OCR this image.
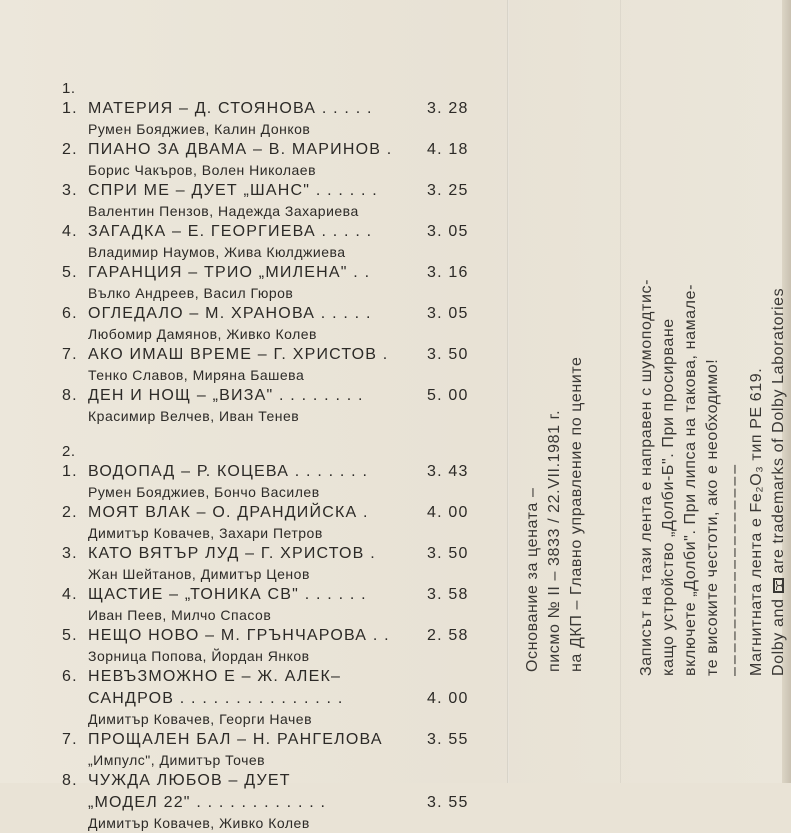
1.
1. МАТЕРИЯ – Д. СТОЯНОВА . . . . .	3. 28
Румен Бояджиев, Калин Донков
2. ПИАНО ЗА ДВАМА – В. МАРИНОВ . 4. 18
Борис Чакъров, Волен Николаев
3. СПРИ МЕ – ДУЕТ „ШАНС" . . . . . .	3. 25
Валентин Пензов, Надежда Захариева
4. ЗАГАДКА – Е. ГЕОРГИЕВА . . . . .	3. 05
Владимир Наумов, Жива Кюлджиева
5. ГАРАНЦИЯ – ТРИО „МИЛЕНА" . .	3. 16
Вълко Андреев, Васил Гюров
6. ОГЛЕДАЛО – М. ХРАНОВА . . . . .	3. 05
Любомир Дамянов, Живко Колев
7. АКО ИМАШ ВРЕМЕ – Г. ХРИСТОВ . 3. 50
Тенко Славов, Миряна Башева
8. ДЕН И НОЩ – „ВИЗА" . . . . . . . .	5. 00
Красимир Велчев, Иван Тенев
2.
1. ВОДОПАД – Р. КОЦЕВА . . . . . . .	3. 43
Румен Бояджиев, Бончо Василев
2. МОЯТ ВЛАК – О. ДРАНДИЙСКА .	4. 00
Димитър Ковачев, Захари Петров
3. КАТО ВЯТЪР ЛУД – Г. ХРИСТОВ .	3. 50
Жан Шейтанов, Димитър Ценов
4. ЩАСТИЕ – „ТОНИКА СВ" . . . . . .	3. 58
Иван Пеев, Милчо Спасов
5. НЕЩО НОВО – М. ГРЪНЧАРОВА . . 2. 58
Зорница Попова, Йордан Янков
6. НЕВЪЗМОЖНО Е – Ж. АЛЕК–
САНДРОВ . . . . . . . . . . . . . . .	4. 00
Димитър Ковачев, Георги Начев
7. ПРОЩАЛЕН БАЛ – Н. РАНГЕЛОВА	3. 55
„Импулс", Димитър Точев
8. ЧУЖДА ЛЮБОВ – ДУЕТ
„МОДЕЛ 22" . . . . . . . . . . . .	3. 55
Димитър Ковачев, Живко Колев
Основание за цената – писмо № II – 3833 / 22.VII.1981 г. на ДКП – Главно управление по цените	Записът на тази лента е направен с шумоподтис- кащо устройство „Долби-Б". При просирване включете „Долби". При липса на такова, намале- те високите честоти, ако е необходимо! –––––––––––––––––– Магнитната лента е Fe₂O₃ тип PE 619. Dolby and  are trademarks of Dolby Laboratories
